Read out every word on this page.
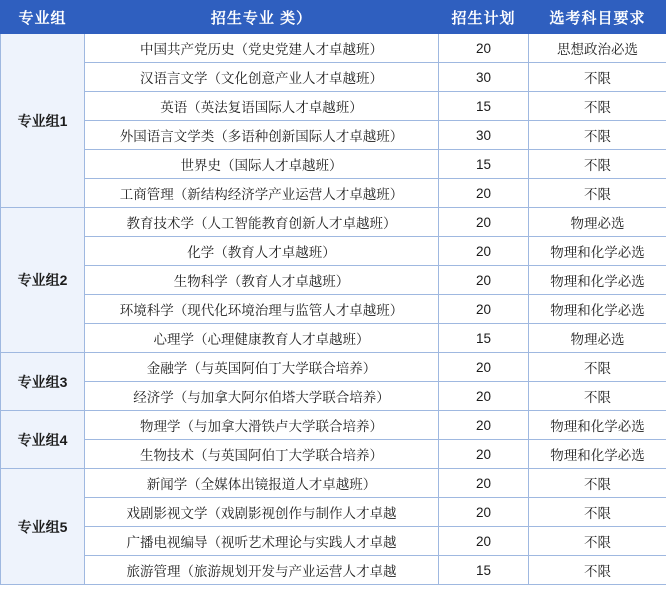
专业组	招生专业 类）	招生计划	选考科目要求
专业组1	中国共产党历史（党史党建人才卓越班）	20	思想政治必选
	汉语言文学（文化创意产业人才卓越班）	30	不限
	英语（英法复语国际人才卓越班）	15	不限
	外国语言文学类（多语种创新国际人才卓越班）	30	不限
	世界史（国际人才卓越班）	15	不限
	工商管理（新结构经济学产业运营人才卓越班）	20	不限
专业组2	教育技术学（人工智能教育创新人才卓越班）	20	物理必选
	化学（教育人才卓越班）	20	物理和化学必选
	生物科学（教育人才卓越班）	20	物理和化学必选
	环境科学（现代化环境治理与监管人才卓越班）	20	物理和化学必选
	心理学（心理健康教育人才卓越班）	15	物理必选
专业组3	金融学（与英国阿伯丁大学联合培养）	20	不限
	经济学（与加拿大阿尔伯塔大学联合培养）	20	不限
专业组4	物理学（与加拿大滑铁卢大学联合培养）	20	物理和化学必选
	生物技术（与英国阿伯丁大学联合培养）	20	物理和化学必选
专业组5	新闻学（全媒体出镜报道人才卓越班）	20	不限
	戏剧影视文学（戏剧影视创作与制作人才卓越	20	不限
	广播电视编导（视听艺术理论与实践人才卓越	20	不限
	旅游管理（旅游规划开发与产业运营人才卓越	15	不限
